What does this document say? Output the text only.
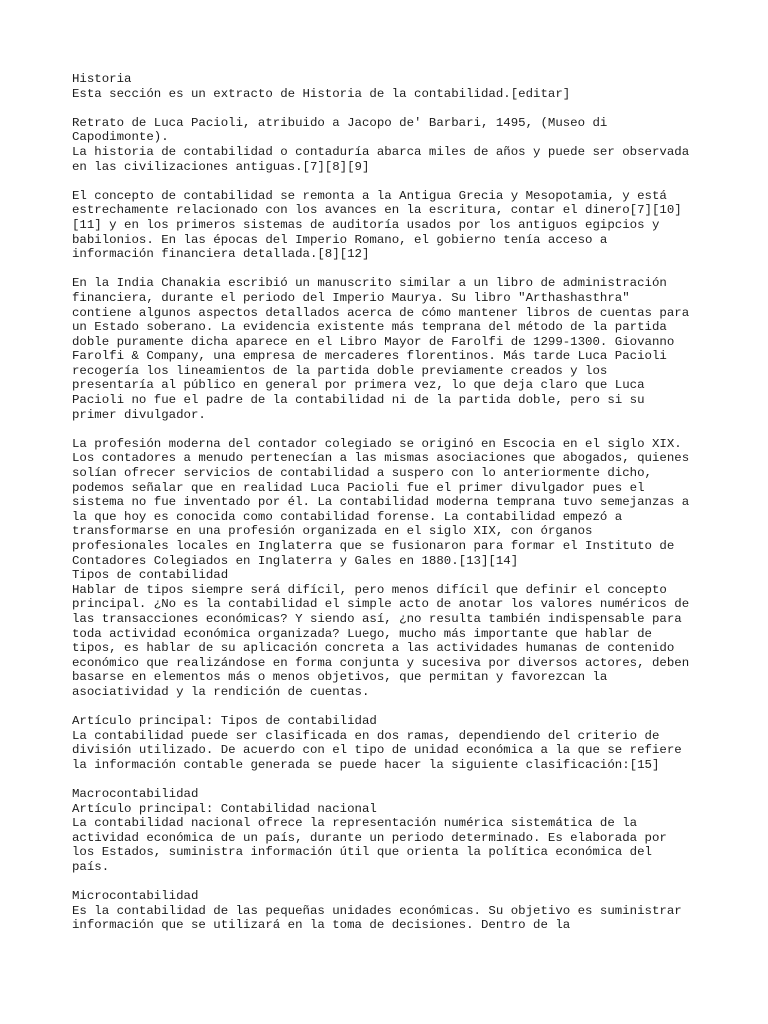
Historia
Esta sección es un extracto de Historia de la contabilidad.[editar]
Retrato de Luca Pacioli, atribuido a Jacopo de' Barbari, 1495, (Museo di
Capodimonte).
La historia de contabilidad o contaduría abarca miles de años y puede ser observada
en las civilizaciones antiguas.[7][8][9]
El concepto de contabilidad se remonta a la Antigua Grecia y Mesopotamia, y está
estrechamente relacionado con los avances en la escritura, contar el dinero[7][10]
[11] y en los primeros sistemas de auditoría usados por los antiguos egipcios y
babilonios. En las épocas del Imperio Romano, el gobierno tenía acceso a
información financiera detallada.[8][12]
En la India Chanakia escribió un manuscrito similar a un libro de administración
financiera, durante el periodo del Imperio Maurya. Su libro "Arthashasthra"
contiene algunos aspectos detallados acerca de cómo mantener libros de cuentas para
un Estado soberano. La evidencia existente más temprana del método de la partida
doble puramente dicha aparece en el Libro Mayor de Farolfi de 1299-1300. Giovanno
Farolfi & Company, una empresa de mercaderes florentinos. Más tarde Luca Pacioli
recogería los lineamientos de la partida doble previamente creados y los
presentaría al público en general por primera vez, lo que deja claro que Luca
Pacioli no fue el padre de la contabilidad ni de la partida doble, pero si su
primer divulgador.
La profesión moderna del contador colegiado se originó en Escocia en el siglo XIX.
Los contadores a menudo pertenecían a las mismas asociaciones que abogados, quienes
solían ofrecer servicios de contabilidad a suspero con lo anteriormente dicho,
podemos señalar que en realidad Luca Pacioli fue el primer divulgador pues el
sistema no fue inventado por él. La contabilidad moderna temprana tuvo semejanzas a
la que hoy es conocida como contabilidad forense. La contabilidad empezó a
transformarse en una profesión organizada en el siglo XIX, con órganos
profesionales locales en Inglaterra que se fusionaron para formar el Instituto de
Contadores Colegiados en Inglaterra y Gales en 1880.[13][14]
Tipos de contabilidad
Hablar de tipos siempre será difícil, pero menos difícil que definir el concepto
principal. ¿No es la contabilidad el simple acto de anotar los valores numéricos de
las transacciones económicas? Y siendo así, ¿no resulta también indispensable para
toda actividad económica organizada? Luego, mucho más importante que hablar de
tipos, es hablar de su aplicación concreta a las actividades humanas de contenido
económico que realizándose en forma conjunta y sucesiva por diversos actores, deben
basarse en elementos más o menos objetivos, que permitan y favorezcan la
asociatividad y la rendición de cuentas.
Artículo principal: Tipos de contabilidad
La contabilidad puede ser clasificada en dos ramas, dependiendo del criterio de
división utilizado. De acuerdo con el tipo de unidad económica a la que se refiere
la información contable generada se puede hacer la siguiente clasificación:[15]
Macrocontabilidad
Artículo principal: Contabilidad nacional
La contabilidad nacional ofrece la representación numérica sistemática de la
actividad económica de un país, durante un periodo determinado. Es elaborada por
los Estados, suministra información útil que orienta la política económica del
país.
Microcontabilidad
Es la contabilidad de las pequeñas unidades económicas. Su objetivo es suministrar
información que se utilizará en la toma de decisiones. Dentro de la
